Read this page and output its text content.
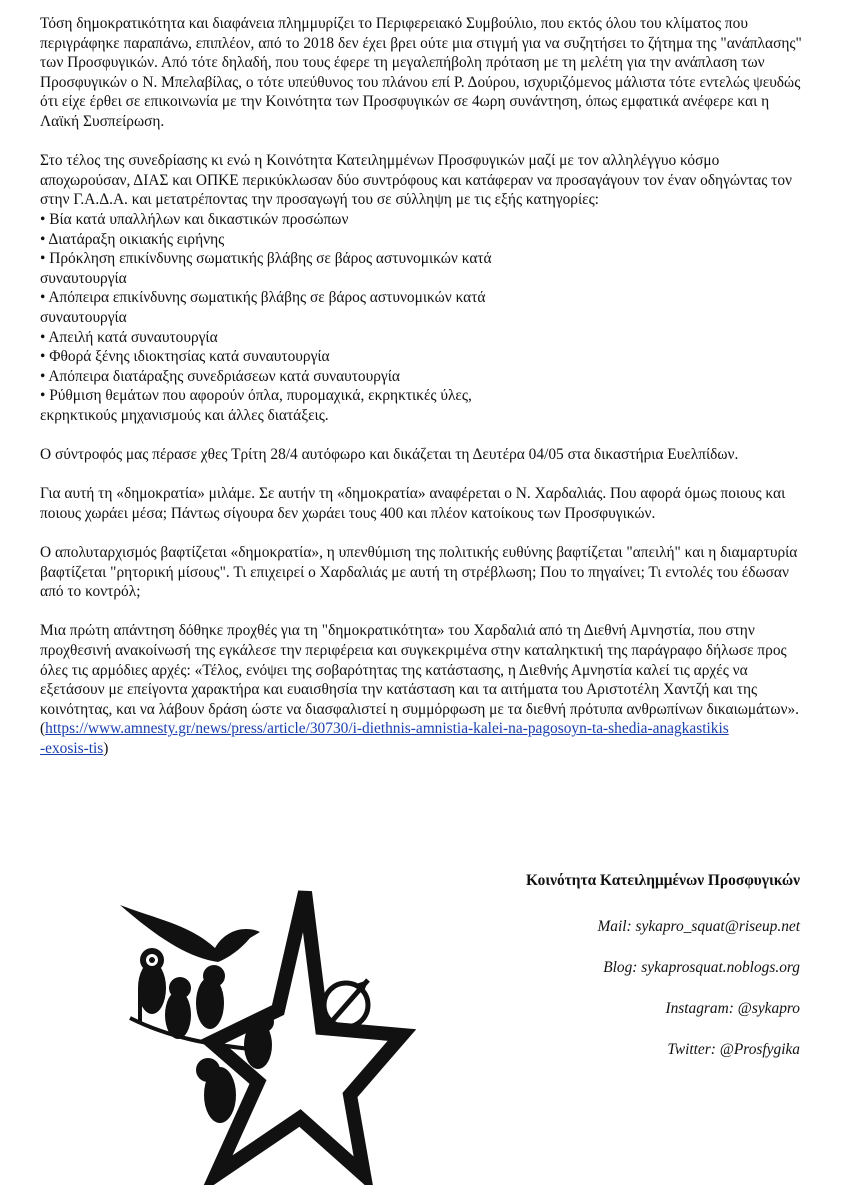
Τόση δημοκρατικότητα και διαφάνεια πλημμυρίζει το Περιφερειακό Συμβούλιο, που εκτός όλου του κλίματος που περιγράφηκε παραπάνω, επιπλέον, από το 2018 δεν έχει βρει ούτε μια στιγμή για να συζητήσει το ζήτημα της "ανάπλασης" των Προσφυγικών. Από τότε δηλαδή, που τους έφερε τη μεγαλεπήβολη πρόταση με τη μελέτη για την ανάπλαση των Προσφυγικών ο Ν. Μπελαβίλας, ο τότε υπεύθυνος του πλάνου επί Ρ. Δούρου, ισχυριζόμενος μάλιστα τότε εντελώς ψευδώς ότι είχε έρθει σε επικοινωνία με την Κοινότητα των Προσφυγικών σε 4ωρη συνάντηση, όπως εμφατικά ανέφερε και η Λαϊκή Συσπείρωση.

Στο τέλος της συνεδρίασης κι ενώ η Κοινότητα Κατειλημμένων Προσφυγικών μαζί με τον αλληλέγγυο κόσμο αποχωρούσαν, ΔΙΑΣ και ΟΠΚΕ περικύκλωσαν δύο συντρόφους και κατάφεραν να προσαγάγουν τον έναν οδηγώντας τον στην Γ.Α.Δ.Α. και μετατρέποντας την προσαγωγή του σε σύλληψη με τις εξής κατηγορίες:
• Βία κατά υπαλλήλων και δικαστικών προσώπων
• Διατάραξη οικιακής ειρήνης
• Πρόκληση επικίνδυνης σωματικής βλάβης σε βάρος αστυνομικών κατά συναυτουργία
• Απόπειρα επικίνδυνης σωματικής βλάβης σε βάρος αστυνομικών κατά συναυτουργία
• Απειλή κατά συναυτουργία
• Φθορά ξένης ιδιοκτησίας κατά συναυτουργία
• Απόπειρα διατάραξης συνεδριάσεων κατά συναυτουργία
• Ρύθμιση θεμάτων που αφορούν όπλα, πυρομαχικά, εκρηκτικές ύλες, εκρηκτικούς μηχανισμούς και άλλες διατάξεις.

Ο σύντροφός μας πέρασε χθες Τρίτη 28/4 αυτόφωρο και δικάζεται τη Δευτέρα 04/05 στα δικαστήρια Ευελπίδων.

Για αυτή τη «δημοκρατία» μιλάμε. Σε αυτήν τη «δημοκρατία» αναφέρεται ο Ν. Χαρδαλιάς. Που αφορά όμως ποιους και ποιους χωράει μέσα; Πάντως σίγουρα δεν χωράει τους 400 και πλέον κατοίκους των Προσφυγικών.

Ο απολυταρχισμός βαφτίζεται «δημοκρατία», η υπενθύμιση της πολιτικής ευθύνης βαφτίζεται "απειλή" και η διαμαρτυρία βαφτίζεται "ρητορική μίσους". Τι επιχειρεί ο Χαρδαλιάς με αυτή τη στρέβλωση; Που το πηγαίνει; Τι εντολές του έδωσαν από το κοντρόλ;

Μια πρώτη απάντηση δόθηκε προχθές για τη "δημοκρατικότητα» του Χαρδαλιά από τη Διεθνή Αμνηστία, που στην προχθεσινή ανακοίνωσή της εγκάλεσε την περιφέρεια και συγκεκριμένα στην καταληκτική της παράγραφο δήλωσε προς όλες τις αρμόδιες αρχές: «Τέλος, ενόψει της σοβαρότητας της κατάστασης, η Διεθνής Αμνηστία καλεί τις αρχές να εξετάσουν με επείγοντα χαρακτήρα και ευαισθησία την κατάσταση και τα αιτήματα του Αριστοτέλη Χαντζή και της κοινότητας, και να λάβουν δράση ώστε να διασφαλιστεί η συμμόρφωση με τα διεθνή πρότυπα ανθρωπίνων δικαιωμάτων».
(https://www.amnesty.gr/news/press/article/30730/i-diethnis-amnistia-kalei-na-pagosoyn-ta-shedia-anagkastikis-exosis-tis)
Κοινότητα Κατειλημμένων Προσφυγικών
Mail: sykapro_squat@riseup.net
Blog: sykaprosquat.noblogs.org
Instagram: @sykapro
Twitter: @Prosfygika
